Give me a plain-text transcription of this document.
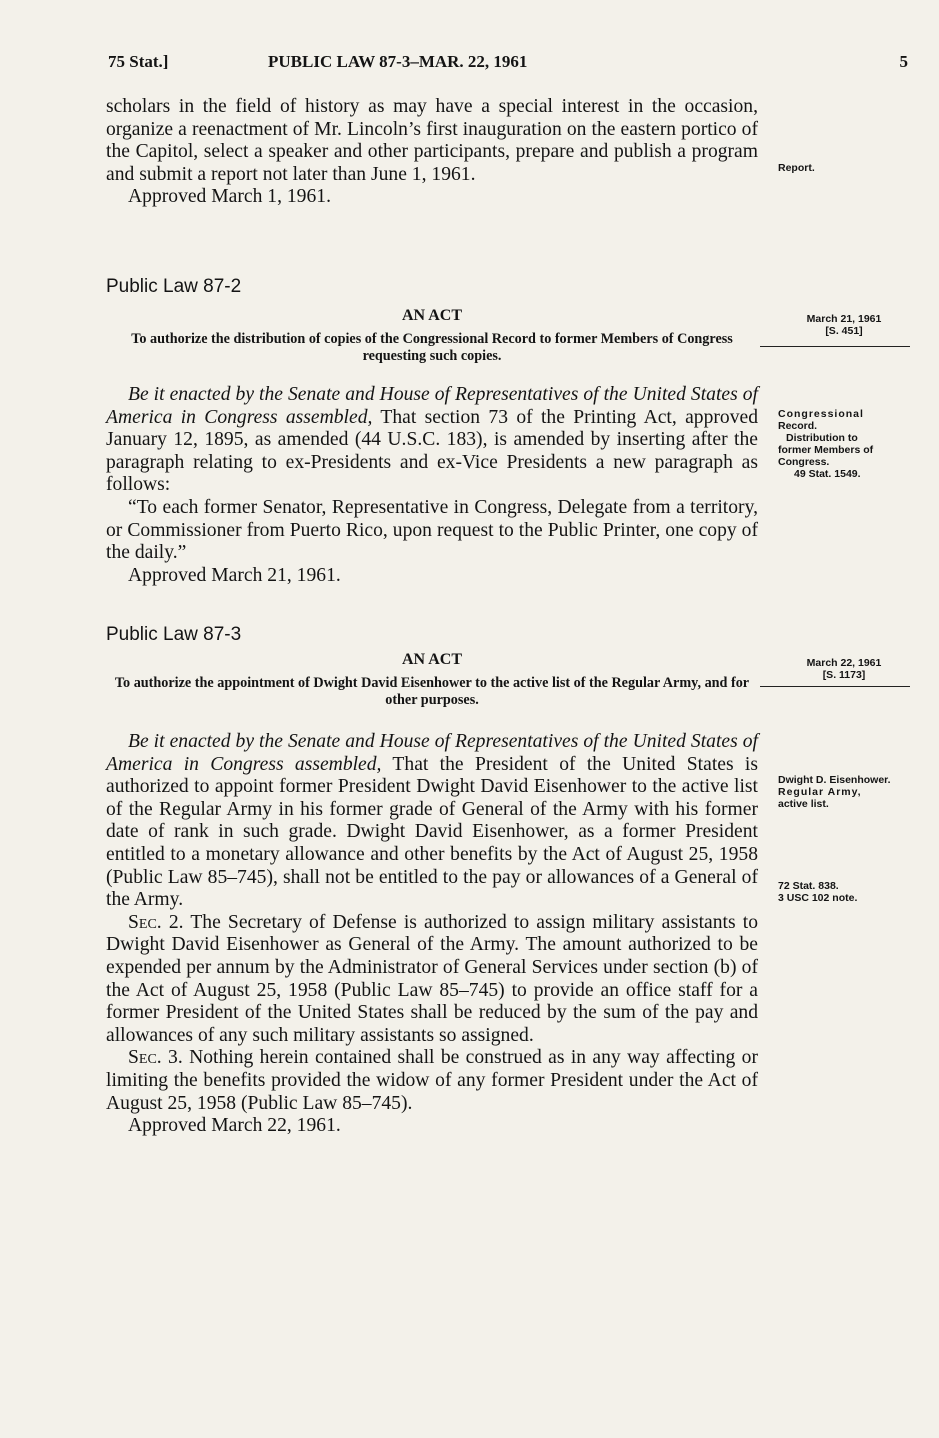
75 Stat.]	PUBLIC LAW 87-3–MAR. 22, 1961	5

scholars in the field of history as may have a special interest in the occasion, organize a reenactment of Mr. Lincoln’s first inauguration on the eastern portico of the Capitol, select a speaker and other participants, prepare and publish a program and submit a report not later than June 1, 1961.

Approved March 1, 1961.

Report.
Public Law 87-2
AN ACT
To authorize the distribution of copies of the Congressional Record to former Members of Congress requesting such copies.
March 21, 1961
[S. 451]

Be it enacted by the Senate and House of Representatives of the United States of America in Congress assembled, That section 73 of the Printing Act, approved January 12, 1895, as amended (44 U.S.C. 183), is amended by inserting after the paragraph relating to ex-Presidents and ex-Vice Presidents a new paragraph as follows:

“To each former Senator, Representative in Congress, Delegate from a territory, or Commissioner from Puerto Rico, upon request to the Public Printer, one copy of the daily.”

Approved March 21, 1961.

Congressional
Record.
Distribution to
former Members of
Congress.
49 Stat. 1549.
Public Law 87-3
AN ACT
To authorize the appointment of Dwight David Eisenhower to the active list of the Regular Army, and for other purposes.
March 22, 1961
[S. 1173]

Be it enacted by the Senate and House of Representatives of the United States of America in Congress assembled, That the President of the United States is authorized to appoint former President Dwight David Eisenhower to the active list of the Regular Army in his former grade of General of the Army with his former date of rank in such grade. Dwight David Eisenhower, as a former President entitled to a monetary allowance and other benefits by the Act of August 25, 1958 (Public Law 85–745), shall not be entitled to the pay or allowances of a General of the Army.

Sec. 2. The Secretary of Defense is authorized to assign military assistants to Dwight David Eisenhower as General of the Army. The amount authorized to be expended per annum by the Administrator of General Services under section (b) of the Act of August 25, 1958 (Public Law 85–745) to provide an office staff for a former President of the United States shall be reduced by the sum of the pay and allowances of any such military assistants so assigned.

Sec. 3. Nothing herein contained shall be construed as in any way affecting or limiting the benefits provided the widow of any former President under the Act of August 25, 1958 (Public Law 85–745).

Approved March 22, 1961.

Dwight D. Eisenhower.
Regular Army,
active list.
72 Stat. 838.
3 USC 102 note.
